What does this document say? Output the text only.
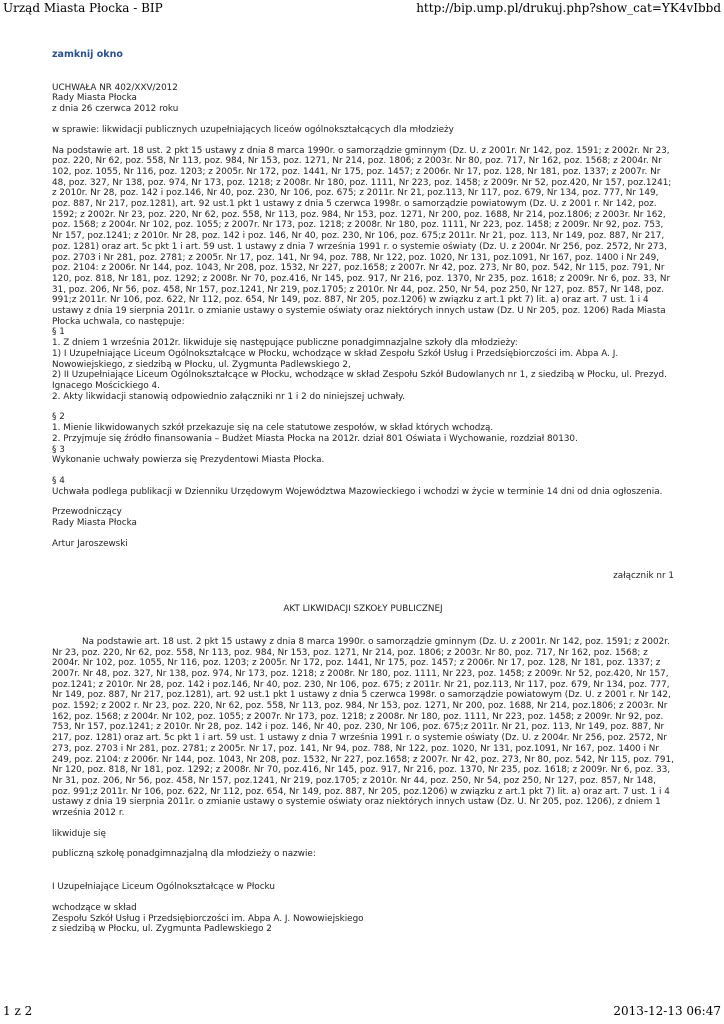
Urząd Miasta Płocka - BIP	http://bip.ump.pl/drukuj.php?show_cat=YK4vIbbd
zamknij okno

UCHWAŁA NR 402/XXV/2012
Rady Miasta Płocka
z dnia 26 czerwca 2012 roku

w sprawie: likwidacji publicznych uzupełniających liceów ogólnokształcących dla młodzieży

Na podstawie art. 18 ust. 2 pkt 15 ustawy z dnia 8 marca 1990r. o samorządzie gminnym (Dz. U. z 2001r. Nr 142, poz. 1591; z 2002r. Nr 23, poz. 220, Nr 62, poz. 558, Nr 113, poz. 984, Nr 153, poz. 1271, Nr 214, poz. 1806; z 2003r. Nr 80, poz. 717, Nr 162, poz. 1568; z 2004r. Nr 102, poz. 1055, Nr 116, poz. 1203; z 2005r. Nr 172, poz. 1441, Nr 175, poz. 1457; z 2006r. Nr 17, poz. 128, Nr 181, poz. 1337; z 2007r. Nr 48, poz. 327, Nr 138, poz. 974, Nr 173, poz. 1218; z 2008r. Nr 180, poz. 1111, Nr 223, poz. 1458; z 2009r. Nr 52, poz.420, Nr 157, poz.1241; z 2010r. Nr 28, poz. 142 i poz.146, Nr 40, poz. 230, Nr 106, poz. 675; z 2011r. Nr 21, poz.113, Nr 117, poz. 679, Nr 134, poz. 777, Nr 149, poz. 887, Nr 217, poz.1281), art. 92 ust.1 pkt 1 ustawy z dnia 5 czerwca 1998r. o samorządzie powiatowym (Dz. U. z 2001 r. Nr 142, poz. 1592; z 2002r. Nr 23, poz. 220, Nr 62, poz. 558, Nr 113, poz. 984, Nr 153, poz. 1271, Nr 200, poz. 1688, Nr 214, poz.1806; z 2003r. Nr 162, poz. 1568; z 2004r. Nr 102, poz. 1055; z 2007r. Nr 173, poz. 1218; z 2008r. Nr 180, poz. 1111, Nr 223, poz. 1458; z 2009r. Nr 92, poz. 753, Nr 157, poz.1241; z 2010r. Nr 28, poz. 142 i poz. 146, Nr 40, poz. 230, Nr 106, poz. 675;z 2011r. Nr 21, poz. 113, Nr 149, poz. 887, Nr 217, poz. 1281) oraz art. 5c pkt 1 i art. 59 ust. 1 ustawy z dnia 7 września 1991 r. o systemie oświaty (Dz. U. z 2004r. Nr 256, poz. 2572, Nr 273, poz. 2703 i Nr 281, poz. 2781; z 2005r. Nr 17, poz. 141, Nr 94, poz. 788, Nr 122, poz. 1020, Nr 131, poz.1091, Nr 167, poz. 1400 i Nr 249, poz. 2104: z 2006r. Nr 144, poz. 1043, Nr 208, poz. 1532, Nr 227, poz.1658; z 2007r. Nr 42, poz. 273, Nr 80, poz. 542, Nr 115, poz. 791, Nr 120, poz. 818, Nr 181, poz. 1292; z 2008r. Nr 70, poz.416, Nr 145, poz. 917, Nr 216, poz. 1370, Nr 235, poz. 1618; z 2009r. Nr 6, poz. 33, Nr 31, poz. 206, Nr 56, poz. 458, Nr 157, poz.1241, Nr 219, poz.1705; z 2010r. Nr 44, poz. 250, Nr 54, poz 250, Nr 127, poz. 857, Nr 148, poz. 991;z 2011r. Nr 106, poz. 622, Nr 112, poz. 654, Nr 149, poz. 887, Nr 205, poz.1206) w związku z art.1 pkt 7) lit. a) oraz art. 7 ust. 1 i 4 ustawy z dnia 19 sierpnia 2011r. o zmianie ustawy o systemie oświaty oraz niektórych innych ustaw (Dz. U Nr 205, poz. 1206) Rada Miasta Płocka uchwala, co następuje:

§ 1
1. Z dniem 1 września 2012r. likwiduje się następujące publiczne ponadgimnazjalne szkoły dla młodzieży:
1) I Uzupełniające Liceum Ogólnokształcące w Płocku, wchodzące w skład Zespołu Szkół Usług i Przedsiębiorczości im. Abpa A. J. Nowowiejskiego, z siedzibą w Płocku, ul. Zygmunta Padlewskiego 2,
2) II Uzupełniające Liceum Ogólnokształcące w Płocku, wchodzące w skład Zespołu Szkół Budowlanych nr 1, z siedzibą w Płocku, ul. Prezyd. Ignacego Mościckiego 4.
2. Akty likwidacji stanowią odpowiednio załączniki nr 1 i 2 do niniejszej uchwały.

§ 2

1. Mienie likwidowanych szkół przekazuje się na cele statutowe zespołów, w skład których wchodzą.
2. Przyjmuje się źródło finansowania – Budżet Miasta Płocka na 2012r. dział 801 Oświata i Wychowanie, rozdział 80130.

§ 3

Wykonanie uchwały powierza się Prezydentowi Miasta Płocka.

§ 4

Uchwała podlega publikacji w Dzienniku Urzędowym Województwa Mazowieckiego i wchodzi w życie w terminie 14 dni od dnia ogłoszenia.

Przewodniczący
Rady Miasta Płocka

Artur Jaroszewski

załącznik nr 1

AKT LIKWIDACJI SZKOŁY PUBLICZNEJ

Na podstawie art. 18 ust. 2 pkt 15 ustawy z dnia 8 marca 1990r. o samorządzie gminnym (Dz. U. z 2001r. Nr 142, poz. 1591; z 2002r. Nr 23, poz. 220, Nr 62, poz. 558, Nr 113, poz. 984, Nr 153, poz. 1271, Nr 214, poz. 1806; z 2003r. Nr 80, poz. 717, Nr 162, poz. 1568; z 2004r. Nr 102, poz. 1055, Nr 116, poz. 1203; z 2005r. Nr 172, poz. 1441, Nr 175, poz. 1457; z 2006r. Nr 17, poz. 128, Nr 181, poz. 1337; z 2007r. Nr 48, poz. 327, Nr 138, poz. 974, Nr 173, poz. 1218; z 2008r. Nr 180, poz. 1111, Nr 223, poz. 1458; z 2009r. Nr 52, poz.420, Nr 157, poz.1241; z 2010r. Nr 28, poz. 142 i poz.146, Nr 40, poz. 230, Nr 106, poz. 675; z 2011r. Nr 21, poz.113, Nr 117, poz. 679, Nr 134, poz. 777, Nr 149, poz. 887, Nr 217, poz.1281), art. 92 ust.1 pkt 1 ustawy z dnia 5 czerwca 1998r. o samorządzie powiatowym (Dz. U. z 2001 r. Nr 142, poz. 1592; z 2002 r. Nr 23, poz. 220, Nr 62, poz. 558, Nr 113, poz. 984, Nr 153, poz. 1271, Nr 200, poz. 1688, Nr 214, poz.1806; z 2003r. Nr 162, poz. 1568; z 2004r. Nr 102, poz. 1055; z 2007r. Nr 173, poz. 1218; z 2008r. Nr 180, poz. 1111, Nr 223, poz. 1458; z 2009r. Nr 92, poz. 753, Nr 157, poz.1241; z 2010r. Nr 28, poz. 142 i poz. 146, Nr 40, poz. 230, Nr 106, poz. 675;z 2011r. Nr 21, poz. 113, Nr 149, poz. 887, Nr 217, poz. 1281) oraz art. 5c pkt 1 i art. 59 ust. 1 ustawy z dnia 7 września 1991 r. o systemie oświaty (Dz. U. z 2004r. Nr 256, poz. 2572, Nr 273, poz. 2703 i Nr 281, poz. 2781; z 2005r. Nr 17, poz. 141, Nr 94, poz. 788, Nr 122, poz. 1020, Nr 131, poz.1091, Nr 167, poz. 1400 i Nr 249, poz. 2104: z 2006r. Nr 144, poz. 1043, Nr 208, poz. 1532, Nr 227, poz.1658; z 2007r. Nr 42, poz. 273, Nr 80, poz. 542, Nr 115, poz. 791, Nr 120, poz. 818, Nr 181, poz. 1292; z 2008r. Nr 70, poz.416, Nr 145, poz. 917, Nr 216, poz. 1370, Nr 235, poz. 1618; z 2009r. Nr 6, poz. 33, Nr 31, poz. 206, Nr 56, poz. 458, Nr 157, poz.1241, Nr 219, poz.1705; z 2010r. Nr 44, poz. 250, Nr 54, poz 250, Nr 127, poz. 857, Nr 148, poz. 991;z 2011r. Nr 106, poz. 622, Nr 112, poz. 654, Nr 149, poz. 887, Nr 205, poz.1206) w związku z art.1 pkt 7) lit. a) oraz art. 7 ust. 1 i 4 ustawy z dnia 19 sierpnia 2011r. o zmianie ustawy o systemie oświaty oraz niektórych innych ustaw (Dz. U. Nr 205, poz. 1206), z dniem 1 września 2012 r.

likwiduje się

publiczną szkołę ponadgimnazjalną dla młodzieży o nazwie:

I Uzupełniające Liceum Ogólnokształcące w Płocku

wchodzące w skład
Zespołu Szkół Usług i Przedsiębiorczości im. Abpa A. J. Nowowiejskiego
z siedzibą w Płocku, ul. Zygmunta Padlewskiego 2

1 z 2	2013-12-13 06:47
